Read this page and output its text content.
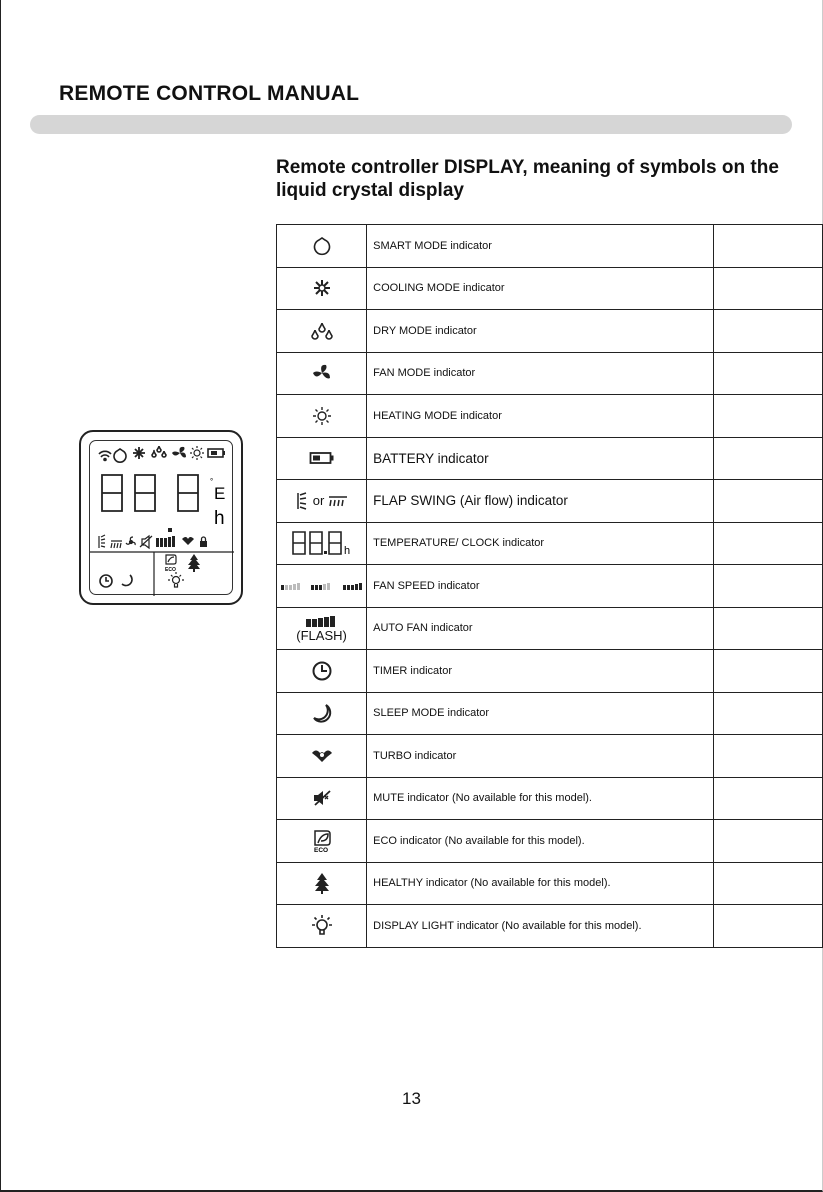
REMOTE CONTROL MANUAL
Remote controller DISPLAY, meaning of symbols on the liquid crystal display
°
E
h
ECO
	SMART MODE indicator		

	COOLING MODE indicator		

	DRY MODE indicator		

	FAN MODE indicator		

	HEATING MODE indicator		

	BATTERY indicator		
or	FLAP SWING (Air flow) indicator		

h	TEMPERATURE/ CLOCK indicator		

	FAN SPEED indicator		

(FLASH)	AUTO FAN indicator		

	TIMER indicator		

	SLEEP MODE indicator		

	TURBO indicator		

	MUTE indicator (No available for this model).		

ECO	ECO indicator (No available for this model).		

	HEALTHY indicator (No available for this model).		

	DISPLAY LIGHT indicator (No available for this model).		
13
